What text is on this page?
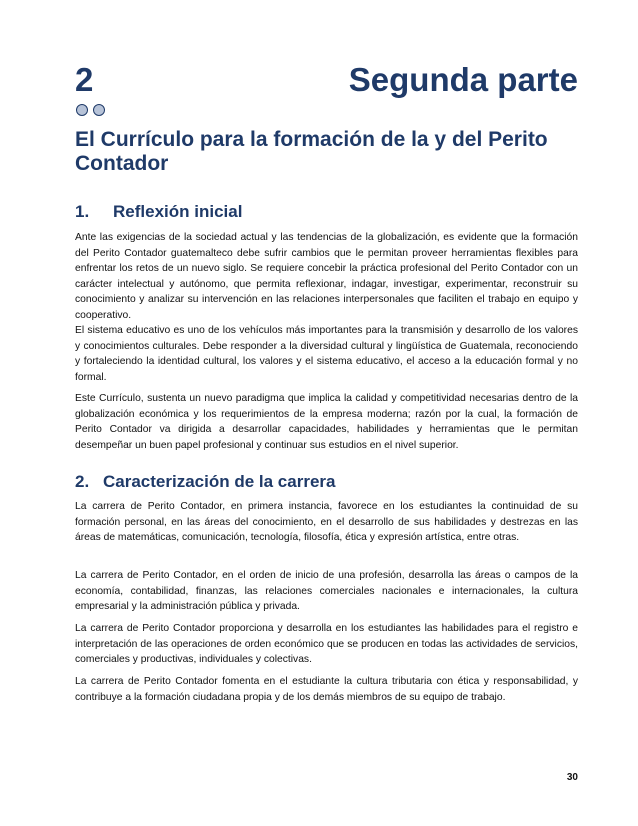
2	Segunda parte
El Currículo para la formación de la y del Perito Contador
1. Reflexión inicial

Ante las exigencias de la sociedad actual y las tendencias de la globalización, es evidente que la formación del Perito Contador guatemalteco debe sufrir cambios que le permitan proveer herramientas flexibles para enfrentar los retos de un nuevo siglo. Se requiere concebir la práctica profesional del Perito Contador con un carácter intelectual y autónomo, que permita reflexionar, indagar, investigar, experimentar, reconstruir su conocimiento y analizar su intervención en las relaciones interpersonales que faciliten el trabajo en equipo y cooperativo.

El sistema educativo es uno de los vehículos más importantes para la transmisión y desarrollo de los valores y conocimientos culturales. Debe responder a la diversidad cultural y lingüística de Guatemala, reconociendo y fortaleciendo la identidad cultural, los valores y el sistema educativo, el acceso a la educación formal y no formal.

Este Currículo, sustenta un nuevo paradigma que implica la calidad y competitividad necesarias dentro de la globalización económica y los requerimientos de la empresa moderna; razón por la cual, la formación de Perito Contador va dirigida a desarrollar capacidades, habilidades y herramientas que le permitan desempeñar un buen papel profesional y continuar sus estudios en el nivel superior.

2. Caracterización de la carrera

La carrera de Perito Contador, en primera instancia, favorece en los estudiantes la continuidad de su formación personal, en las áreas del conocimiento, en el desarrollo de sus habilidades y destrezas en las áreas de matemáticas, comunicación, tecnología, filosofía, ética y expresión artística, entre otras.

La carrera de Perito Contador, en el orden de inicio de una profesión, desarrolla las áreas o campos de la economía, contabilidad, finanzas, las relaciones comerciales nacionales e internacionales, la cultura empresarial y la administración pública y privada.

La carrera de Perito Contador proporciona y desarrolla en los estudiantes las habilidades para el registro e interpretación de las operaciones de orden económico que se producen en todas las actividades de servicios, comerciales y productivas, individuales y colectivas.

La carrera de Perito Contador fomenta en el estudiante la cultura tributaria con ética y responsabilidad, y contribuye a la formación ciudadana propia y de los demás miembros de su equipo de trabajo.

30
